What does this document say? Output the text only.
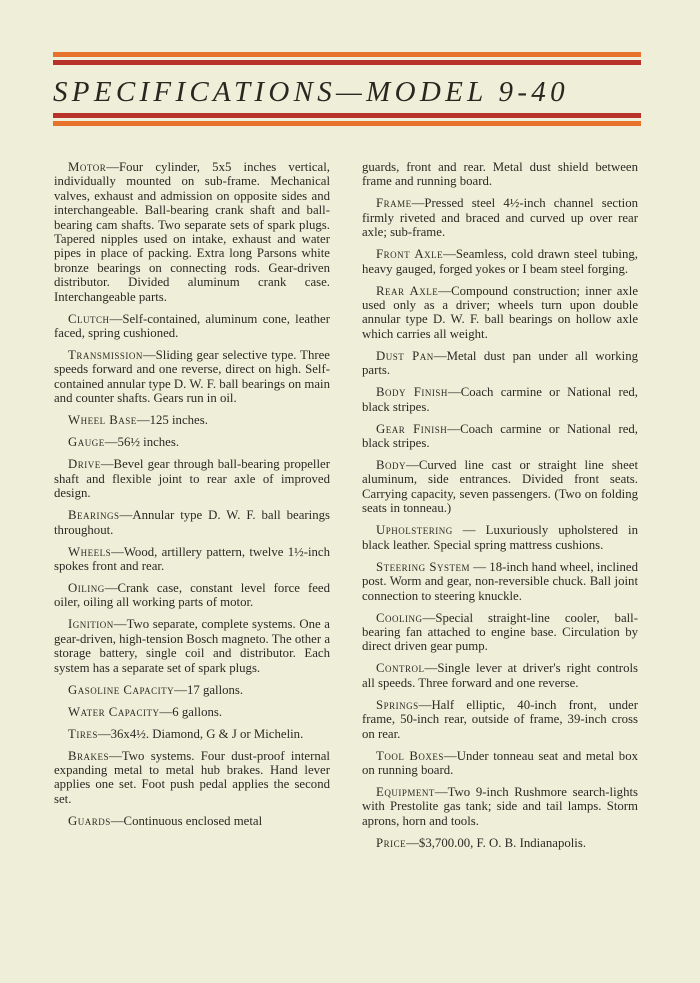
SPECIFICATIONS—MODEL 9-40

Motor—Four cylinder, 5x5 inches vertical, individually mounted on sub-frame. Mechanical valves, exhaust and admission on opposite sides and interchangeable. Ball-bearing crank shaft and ball-bearing cam shafts. Two separate sets of spark plugs. Tapered nipples used on intake, exhaust and water pipes in place of packing. Extra long Parsons white bronze bearings on connecting rods. Gear-driven distributor. Divided aluminum crank case. Interchangeable parts.

Clutch—Self-contained, aluminum cone, leather faced, spring cushioned.

Transmission—Sliding gear selective type. Three speeds forward and one reverse, direct on high. Self-contained annular type D. W. F. ball bearings on main and counter shafts. Gears run in oil.

Wheel Base—125 inches.

Gauge—56½ inches.

Drive—Bevel gear through ball-bearing propeller shaft and flexible joint to rear axle of improved design.

Bearings—Annular type D. W. F. ball bearings throughout.

Wheels—Wood, artillery pattern, twelve 1½-inch spokes front and rear.

Oiling—Crank case, constant level force feed oiler, oiling all working parts of motor.

Ignition—Two separate, complete systems. One a gear-driven, high-tension Bosch magneto. The other a storage battery, single coil and distributor. Each system has a separate set of spark plugs.

Gasoline Capacity—17 gallons.

Water Capacity—6 gallons.

Tires—36x4½. Diamond, G & J or Michelin.

Brakes—Two systems. Four dust-proof internal expanding metal to metal hub brakes. Hand lever applies one set. Foot push pedal applies the second set.

Guards—Continuous enclosed metal

guards, front and rear. Metal dust shield between frame and running board.

Frame—Pressed steel 4½-inch channel section firmly riveted and braced and curved up over rear axle; sub-frame.

Front Axle—Seamless, cold drawn steel tubing, heavy gauged, forged yokes or I beam steel forging.

Rear Axle—Compound construction; inner axle used only as a driver; wheels turn upon double annular type D. W. F. ball bearings on hollow axle which carries all weight.

Dust Pan—Metal dust pan under all working parts.

Body Finish—Coach carmine or National red, black stripes.

Gear Finish—Coach carmine or National red, black stripes.

Body—Curved line cast or straight line sheet aluminum, side entrances. Divided front seats. Carrying capacity, seven passengers. (Two on folding seats in tonneau.)

Upholstering — Luxuriously upholstered in black leather. Special spring mattress cushions.

Steering System — 18-inch hand wheel, inclined post. Worm and gear, non-reversible chuck. Ball joint connection to steering knuckle.

Cooling—Special straight-line cooler, ball-bearing fan attached to engine base. Circulation by direct driven gear pump.

Control—Single lever at driver's right controls all speeds. Three forward and one reverse.

Springs—Half elliptic, 40-inch front, under frame, 50-inch rear, outside of frame, 39-inch cross on rear.

Tool Boxes—Under tonneau seat and metal box on running board.

Equipment—Two 9-inch Rushmore search-lights with Prestolite gas tank; side and tail lamps. Storm aprons, horn and tools.

Price—$3,700.00, F. O. B. Indianapolis.
